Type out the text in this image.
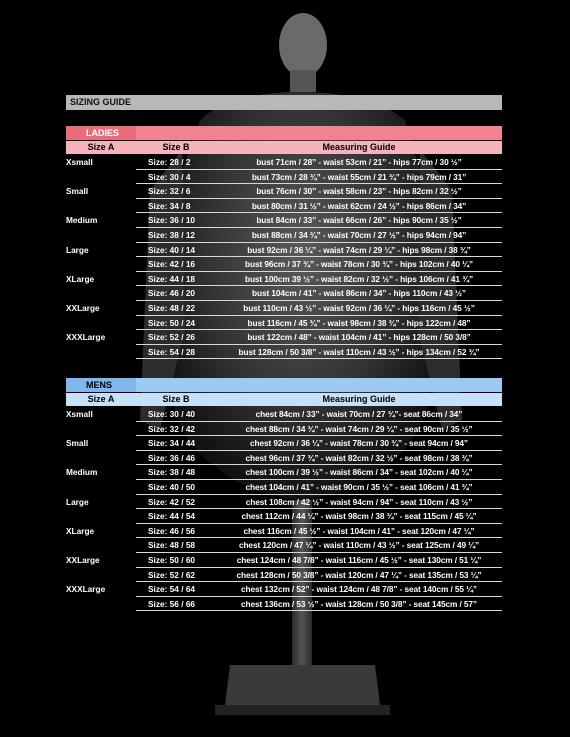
SIZING GUIDE
LADIES
Size A	Size B	Measuring Guide
Xsmall	Size: 28 / 2	bust 71cm / 28” - waist 53cm / 21” - hips 77cm / 30 ½”
Size: 30 / 4	bust 73cm / 28 ¾” - waist 55cm / 21 ¾” - hips 79cm / 31”
Small	Size: 32 / 6	bust 76cm / 30” - waist 58cm / 23” - hips 82cm / 32 ½”
Size: 34 / 8	bust 80cm / 31 ½” - waist 62cm / 24 ½” - hips 86cm / 34”
Medium	Size: 36 / 10	bust 84cm / 33” - waist 66cm / 26” - hips 90cm / 35 ½”
Size: 38 / 12	bust 88cm / 34 ¾” - waist 70cm / 27 ½” - hips 94cm / 94”
Large	Size: 40 / 14	bust 92cm / 36 ¼” - waist 74cm / 29 ¼” - hips 98cm / 38 ¾”
Size: 42 / 16	bust 96cm / 37 ¾” - waist 78cm / 30 ¾” - hips 102cm / 40 ¼”
XLarge	Size: 44 / 18	bust 100cm 39 ½” - waist 82cm / 32 ½” - hips 106cm / 41 ¾”
Size: 46 / 20	bust 104cm / 41” - waist 86cm / 34” - hips 110cm / 43 ½”
XXLarge	Size: 48 / 22	bust 110cm / 43 ½” - waist 92cm / 36 ¼” - hips 116cm / 45 ½”
Size: 50 / 24	bust 116cm / 45 ¾” - waist 98cm / 38 ¾” - hips 122cm / 48”
XXXLarge	Size: 52 / 26	bust 122cm / 48” - waist 104cm / 41” - hips 128cm / 50 3/8”
Size: 54 / 28	bust 128cm / 50 3/8” - waist 110cm / 43 ½” - hips 134cm / 52 ¾”
MENS
Size A	Size B	Measuring Guide
Xsmall	Size: 30 / 40	chest 84cm / 33” - waist 70cm / 27 ¾”- seat 86cm / 34”
Size: 32 / 42	chest 88cm / 34 ¾” - waist 74cm / 29 ¼” - seat 90cm / 35 ½”
Small	Size: 34 / 44	chest 92cm / 36 ¼” - waist 78cm / 30 ¾” - seat 94cm / 94”
Size: 36 / 46	chest 96cm / 37 ¾” - waist 82cm / 32 ½” - seat 98cm / 38 ¾”
Medium	Size: 38 / 48	chest 100cm / 39 ½” - waist 86cm / 34” - seat 102cm / 40 ¼”
Size: 40 / 50	chest 104cm / 41” - waist 90cm / 35 ½” - seat 106cm / 41 ¾”
Large	Size: 42 / 52	chest 108cm / 42 ½” - waist 94cm / 94” - seat 110cm / 43 ½”
Size: 44 / 54	chest 112cm / 44 ¼” - waist 98cm / 38 ¾” - seat 115cm / 45 ¼”
XLarge	Size: 46 / 56	chest 116cm / 45 ½” - waist 104cm / 41” - seat 120cm / 47 ¼”
Size: 48 / 58	chest 120cm / 47 ¼” - waist 110cm / 43 ½” - seat 125cm / 49 ¼”
XXLarge	Size: 50 / 60	chest 124cm / 48 7/8” - waist 116cm / 45 ½” - seat 130cm / 51 ¼”
Size: 52 / 62	chest 128cm / 50 3/8” - waist 120cm / 47 ¼” - seat 135cm / 53 ¼”
XXXLarge	Size: 54 / 64	chest 132cm / 52” - waist 124cm / 48 7/8” - seat 140cm / 55 ¼”
Size: 56 / 66	chest 136cm / 53 ½” - waist 128cm / 50 3/8” - seat 145cm / 57”
